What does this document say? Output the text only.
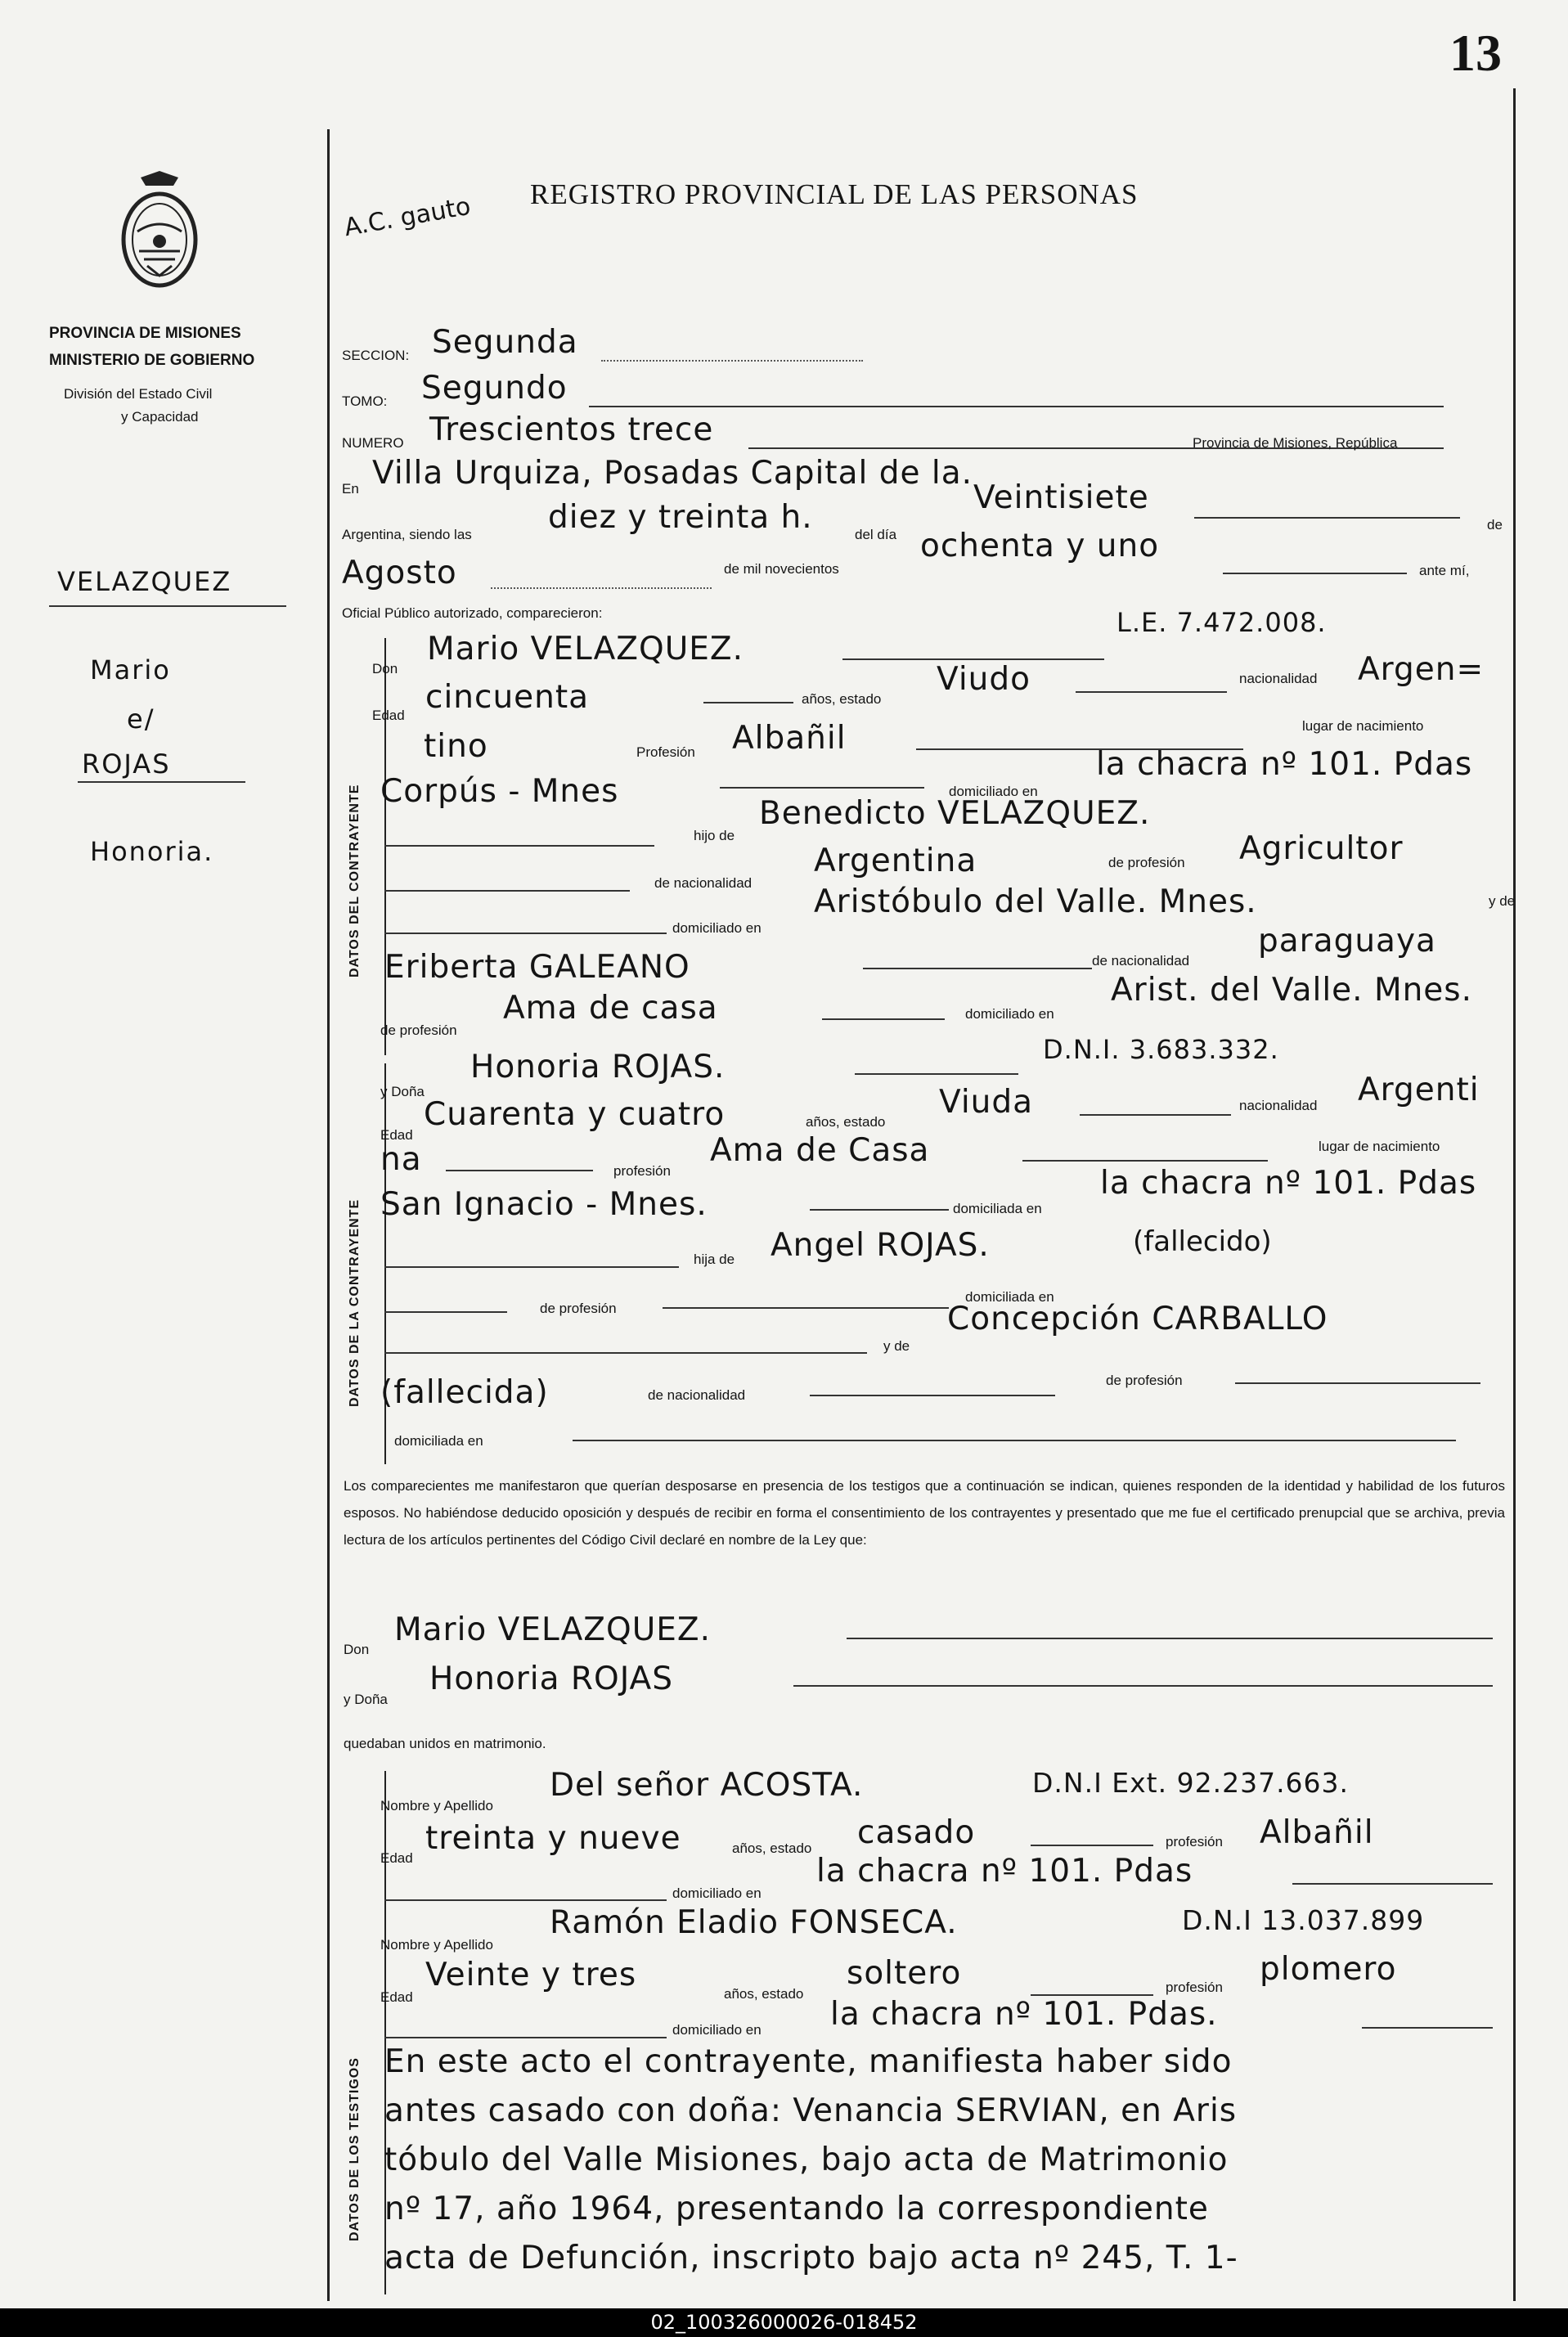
13
PROVINCIA DE MISIONES
MINISTERIO DE GOBIERNO
División del Estado Civil
y Capacidad
VELAZQUEZ
Mario
e/
ROJAS
Honoria.
A.C. gauto REGISTRO PROVINCIAL DE LAS PERSONAS
SECCION: Segunda
TOMO: Segundo
NUMERO Trescientos trece
En Villa Urquiza, Posadas Capital de la.
Provincia de Misiones, República
Argentina, siendo las diez y treinta h.	del día
Veintisiete
de
Agosto	de mil novecientos
ochenta y uno
ante mí,
Oficial Público autorizado, comparecieron:
DATOS DEL CONTRAYENTE
Don
Mario VELAZQUEZ.
L.E. 7.472.008.
Edad cincuenta	años, estado
Viudo	nacionalidad Argen=
tino	Profesión Albañil	lugar de nacimiento
Corpús - Mnes	domiciliado en
la chacra nº 101. Pdas
hijo de
Benedicto VELAZQUEZ.
de nacionalidad
Argentina	de profesión Agricultor
domiciliado en
Aristóbulo del Valle. Mnes.	y de
Eriberta GALEANO	de nacionalidad
paraguaya
de profesión
Ama de casa	domiciliado en
Arist. del Valle. Mnes.
DATOS DE LA CONTRAYENTE
y Doña
Honoria ROJAS.	D.N.I. 3.683.332.
Edad
Cuarenta y cuatro	años, estado
Viuda	nacionalidad Argenti
na	profesión
Ama de Casa	lugar de nacimiento
San Ignacio - Mnes.	domiciliada en
la chacra nº 101. Pdas
hija de Angel ROJAS.	(fallecido)
de profesión
domiciliada en
y de
Concepción CARBALLO
(fallecida)	de nacionalidad
de profesión
domiciliada en
Los comparecientes me manifestaron que querían desposarse en presencia de los testigos que a continuación se indican, quienes responden de la identidad y habilidad de los futuros esposos. No habiéndose deducido oposición y después de recibir en forma el consentimiento de los contrayentes y presentado que me fue el certificado prenupcial que se archiva, previa lectura de los artículos pertinentes del Código Civil declaré en nombre de la Ley que:
Don
Mario VELAZQUEZ.
y Doña
Honoria ROJAS
quedaban unidos en matrimonio.
DATOS DE LOS TESTIGOS
Nombre y Apellido
Del señor ACOSTA.	D.N.I Ext. 92.237.663.
Edad
treinta y nueve	años, estado casado	profesión Albañil
domiciliado en
la chacra nº 101. Pdas
Nombre y Apellido
Ramón Eladio FONSECA.	D.N.I 13.037.899
Edad
Veinte y tres
años, estado
soltero	profesión plomero
domiciliado en la chacra nº 101. Pdas.
En este acto el contrayente, manifiesta haber sido
antes casado con doña: Venancia SERVIAN, en Aris
tóbulo del Valle Misiones, bajo acta de Matrimonio
nº 17, año 1964, presentando la correspondiente
acta de Defunción, inscripto bajo acta nº 245, T. 1-
02_100326000026-018452
